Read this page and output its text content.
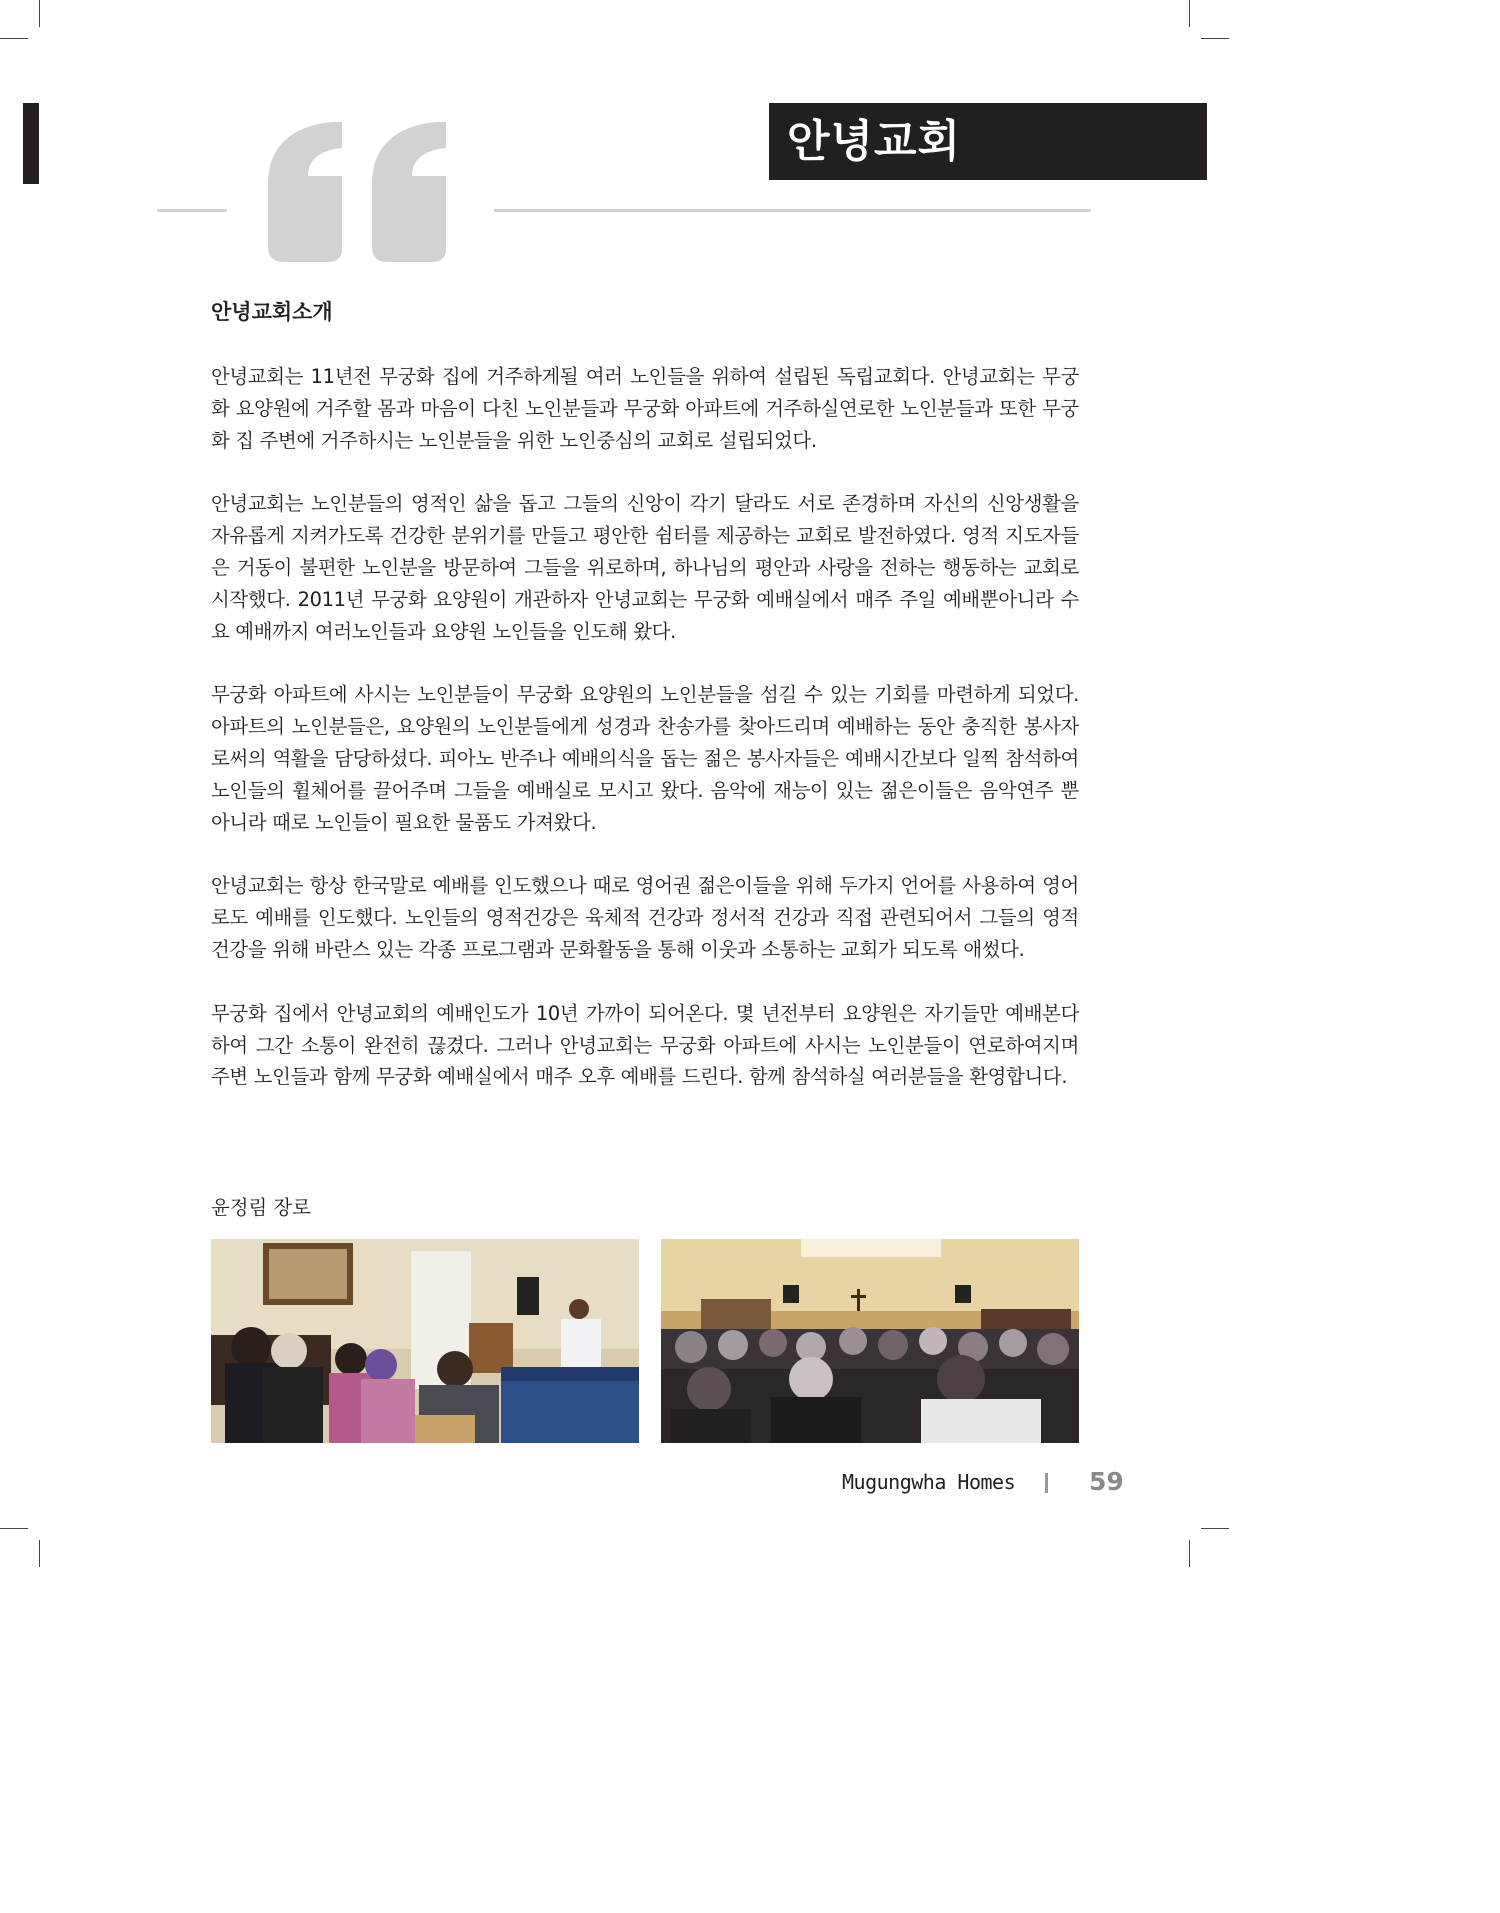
안녕교회
안녕교회소개

안녕교회는 11년전 무궁화 집에 거주하게될 여러 노인들을 위하여 설립된 독립교회다. 안녕교회는 무궁화 요양원에 거주할 몸과 마음이 다친 노인분들과 무궁화 아파트에 거주하실연로한 노인분들과 또한 무궁화 집 주변에 거주하시는 노인분들을 위한 노인중심의 교회로 설립되었다.

안녕교회는 노인분들의 영적인 삶을 돕고 그들의 신앙이 각기 달라도 서로 존경하며 자신의 신앙생활을 자유롭게 지켜가도록 건강한 분위기를 만들고 평안한 쉼터를 제공하는 교회로 발전하였다. 영적 지도자들은 거동이 불편한 노인분을 방문하여 그들을 위로하며, 하나님의 평안과 사랑을 전하는 행동하는 교회로 시작했다. 2011년 무궁화 요양원이 개관하자 안녕교회는 무궁화 예배실에서 매주 주일 예배뿐아니라 수요 예배까지 여러노인들과 요양원 노인들을 인도해 왔다.

무궁화 아파트에 사시는 노인분들이 무궁화 요양원의 노인분들을 섬길 수 있는 기회를 마련하게 되었다. 아파트의 노인분들은, 요양원의 노인분들에게 성경과 찬송가를 찾아드리며 예배하는 동안 충직한 봉사자로써의 역활을 담당하셨다. 피아노 반주나 예배의식을 돕는 젊은 봉사자들은 예배시간보다 일찍 참석하여 노인들의 휠체어를 끌어주며 그들을 예배실로 모시고 왔다. 음악에 재능이 있는 젊은이들은 음악연주 뿐아니라 때로 노인들이 필요한 물품도 가져왔다.

안녕교회는 항상 한국말로 예배를 인도했으나 때로 영어권 젊은이들을 위해 두가지 언어를 사용하여 영어로도 예배를 인도했다. 노인들의 영적건강은 육체적 건강과 정서적 건강과 직접 관련되어서 그들의 영적건강을 위해 바란스 있는 각종 프로그램과 문화활동을 통해 이웃과 소통하는 교회가 되도록 애썼다.

무궁화 집에서 안녕교회의 예배인도가 10년 가까이 되어온다. 몇 년전부터 요양원은 자기들만 예배본다 하여 그간 소통이 완전히 끊겼다. 그러나 안녕교회는 무궁화 아파트에 사시는 노인분들이 연로하여지며 주변 노인들과 함께 무궁화 예배실에서 매주 오후 예배를 드린다. 함께 참석하실 여러분들을 환영합니다.

윤정림 장로

Mugungwha Homes	59
